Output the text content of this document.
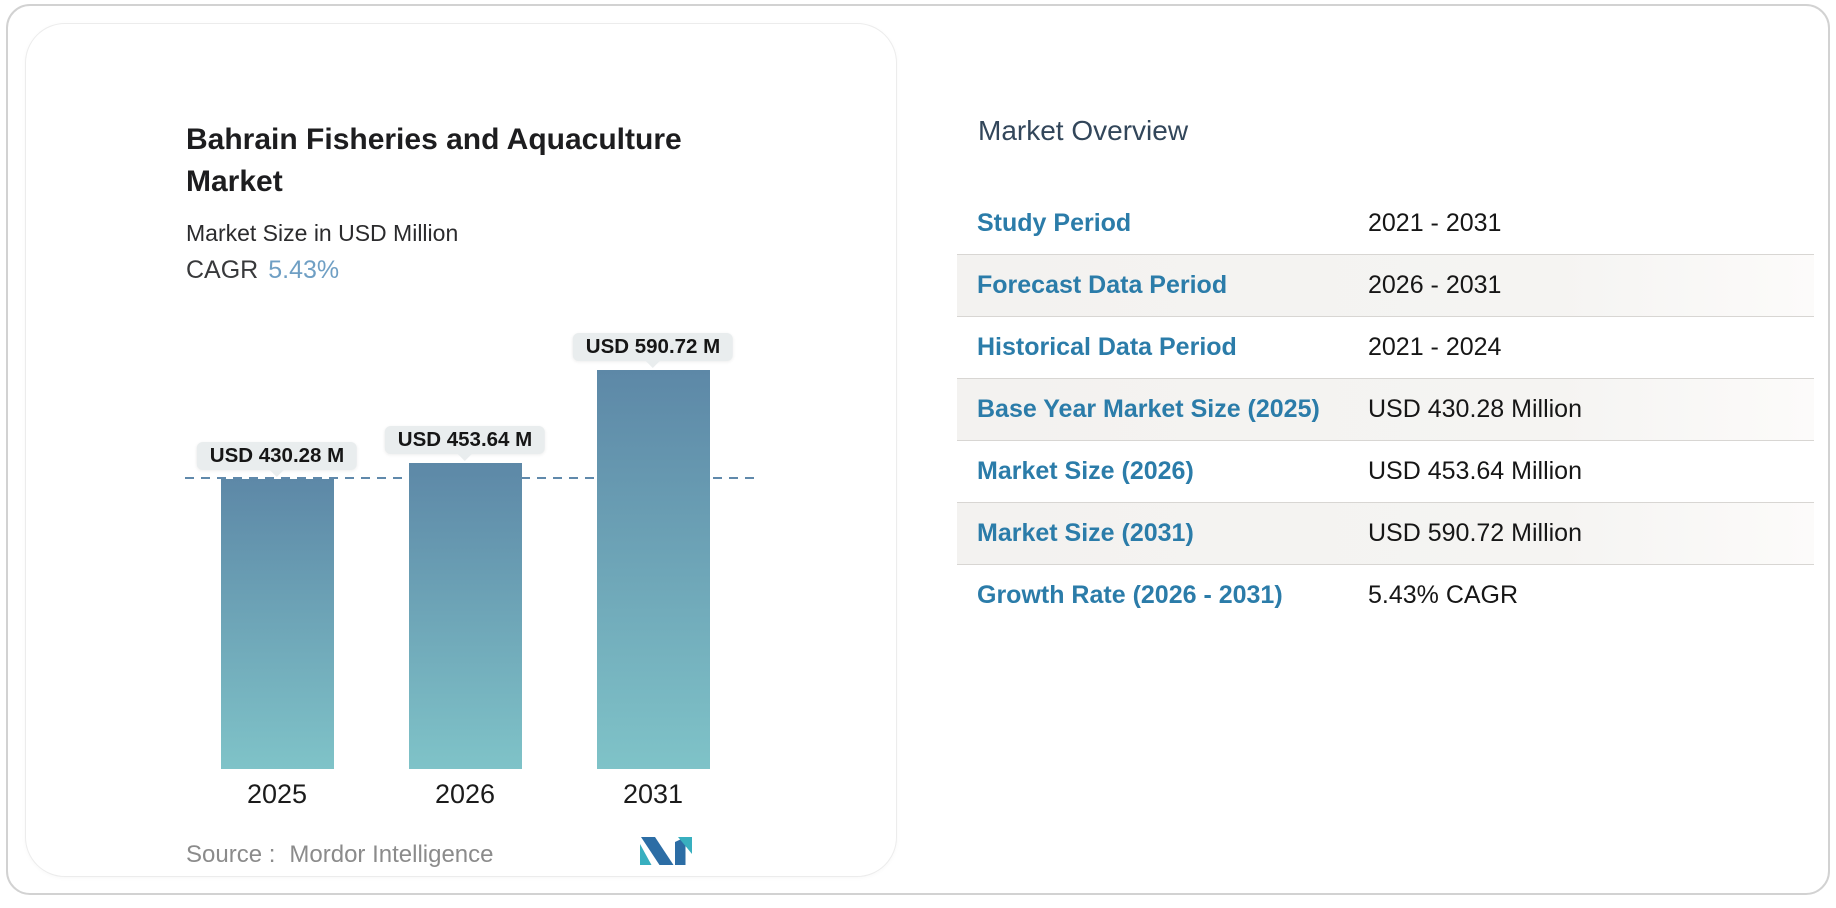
Bahrain Fisheries and Aquaculture Market
Market Size in USD Million
CAGR 5.43%
USD 430.28 M
USD 453.64 M
USD 590.72 M
2025	2026	2031
Source : Mordor Intelligence
Market Overview
Study Period	2021 - 2031
Forecast Data Period	2026 - 2031
Historical Data Period	2021 - 2024
Base Year Market Size (2025)	USD 430.28 Million
Market Size (2026)	USD 453.64 Million
Market Size (2031)	USD 590.72 Million
Growth Rate (2026 - 2031)	5.43% CAGR
